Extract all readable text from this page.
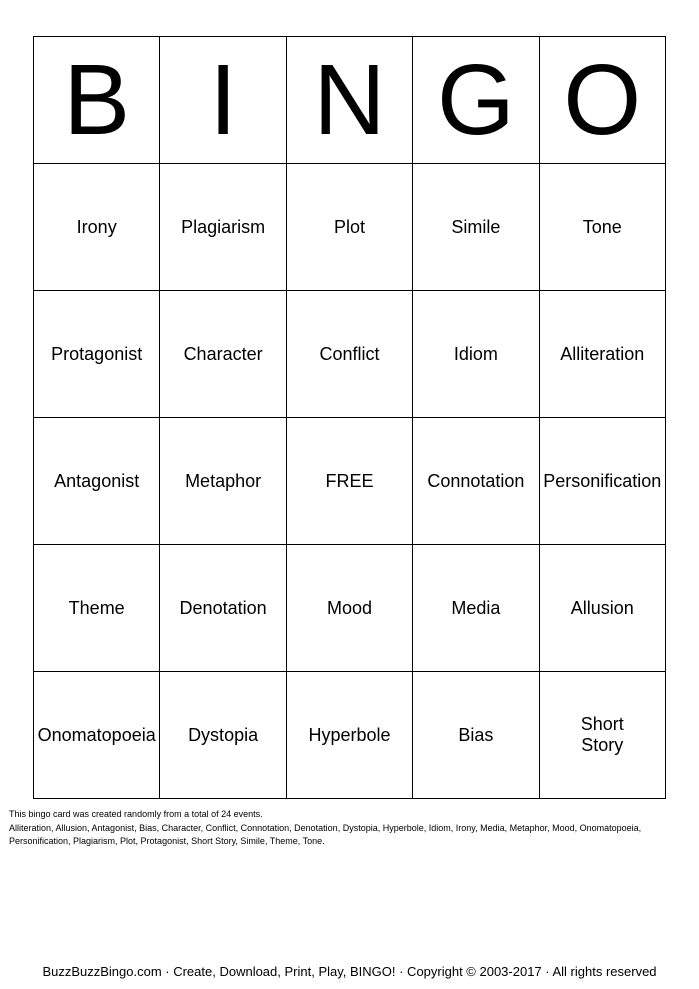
B	I	N	G	O
Irony	Plagiarism	Plot	Simile	Tone
Protagonist	Character	Conflict	Idiom	Alliteration
Antagonist	Metaphor	FREE	Connotation	Personification
Theme	Denotation	Mood	Media	Allusion
Onomatopoeia	Dystopia	Hyperbole	Bias	Short Story
This bingo card was created randomly from a total of 24 events.
Alliteration, Allusion, Antagonist, Bias, Character, Conflict, Connotation, Denotation, Dystopia, Hyperbole, Idiom, Irony, Media, Metaphor, Mood, Onomatopoeia,
Personification, Plagiarism, Plot, Protagonist, Short Story, Simile, Theme, Tone.
BuzzBuzzBingo.com · Create, Download, Print, Play, BINGO! · Copyright © 2003-2017 · All rights reserved
